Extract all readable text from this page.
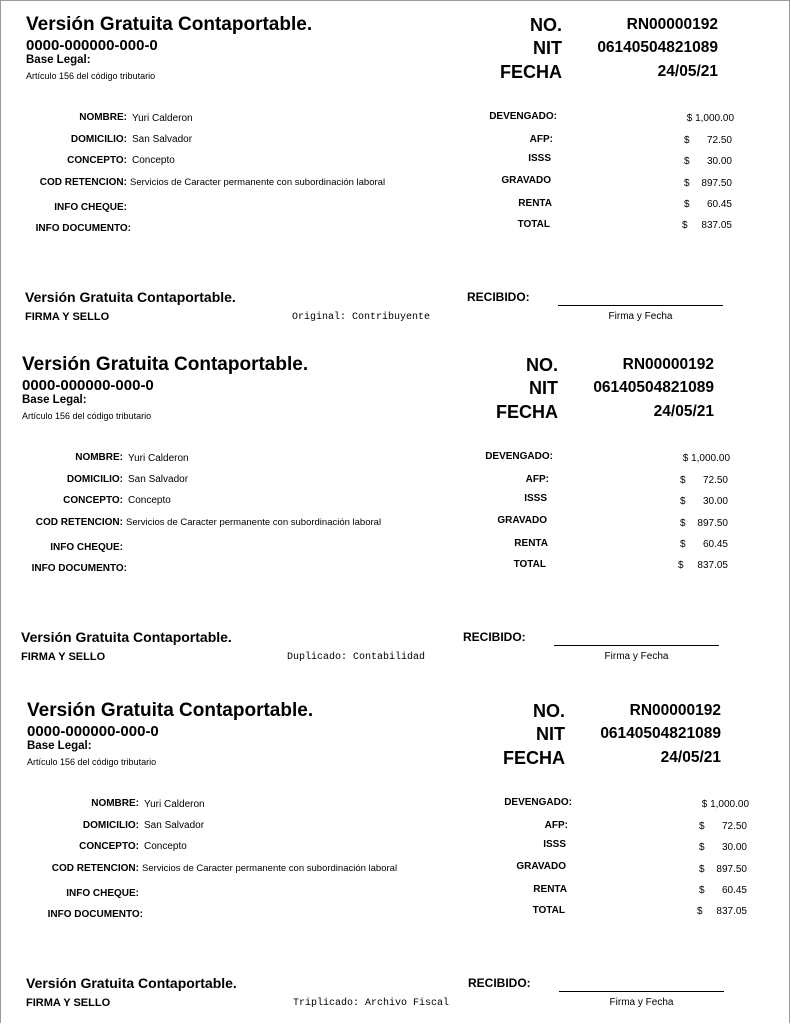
Versión Gratuita Contaportable.
0000-000000-000-0
Base Legal:
Artículo 156 del código tributario
NO.	RN00000192
NIT	06140504821089
FECHA	24/05/21
NOMBRE: Yuri Calderon
DOMICILIO: San Salvador
CONCEPTO: Concepto
COD RETENCION: Servicios de Caracter permanente con subordinación laboral
INFO CHEQUE:
INFO DOCUMENTO:
DEVENGADO:	$ 1,000.00
AFP:	$	72.50
ISSS	$	30.00
GRAVADO	$	897.50
RENTA	$	60.45
TOTAL	$	837.05
Versión Gratuita Contaportable.
FIRMA Y SELLO	Original: Contribuyente
RECIBIDO:
Firma y Fecha
Versión Gratuita Contaportable.
0000-000000-000-0
Base Legal:
Artículo 156 del código tributario
NO.	RN00000192
NIT	06140504821089
FECHA	24/05/21
NOMBRE: Yuri Calderon
DOMICILIO: San Salvador
CONCEPTO: Concepto
COD RETENCION: Servicios de Caracter permanente con subordinación laboral
INFO CHEQUE:
INFO DOCUMENTO:
DEVENGADO:	$ 1,000.00
AFP:	$	72.50
ISSS	$	30.00
GRAVADO	$	897.50
RENTA	$	60.45
TOTAL	$	837.05
Versión Gratuita Contaportable.
FIRMA Y SELLO	Duplicado: Contabilidad
RECIBIDO:
Firma y Fecha
Versión Gratuita Contaportable.
0000-000000-000-0
Base Legal:
Artículo 156 del código tributario
NO.	RN00000192
NIT	06140504821089
FECHA	24/05/21
NOMBRE: Yuri Calderon
DOMICILIO: San Salvador
CONCEPTO: Concepto
COD RETENCION: Servicios de Caracter permanente con subordinación laboral
INFO CHEQUE:
INFO DOCUMENTO:
DEVENGADO:	$ 1,000.00
AFP:	$	72.50
ISSS	$	30.00
GRAVADO	$	897.50
RENTA	$	60.45
TOTAL	$	837.05
Versión Gratuita Contaportable.
FIRMA Y SELLO	Triplicado: Archivo Fiscal
RECIBIDO:
Firma y Fecha
